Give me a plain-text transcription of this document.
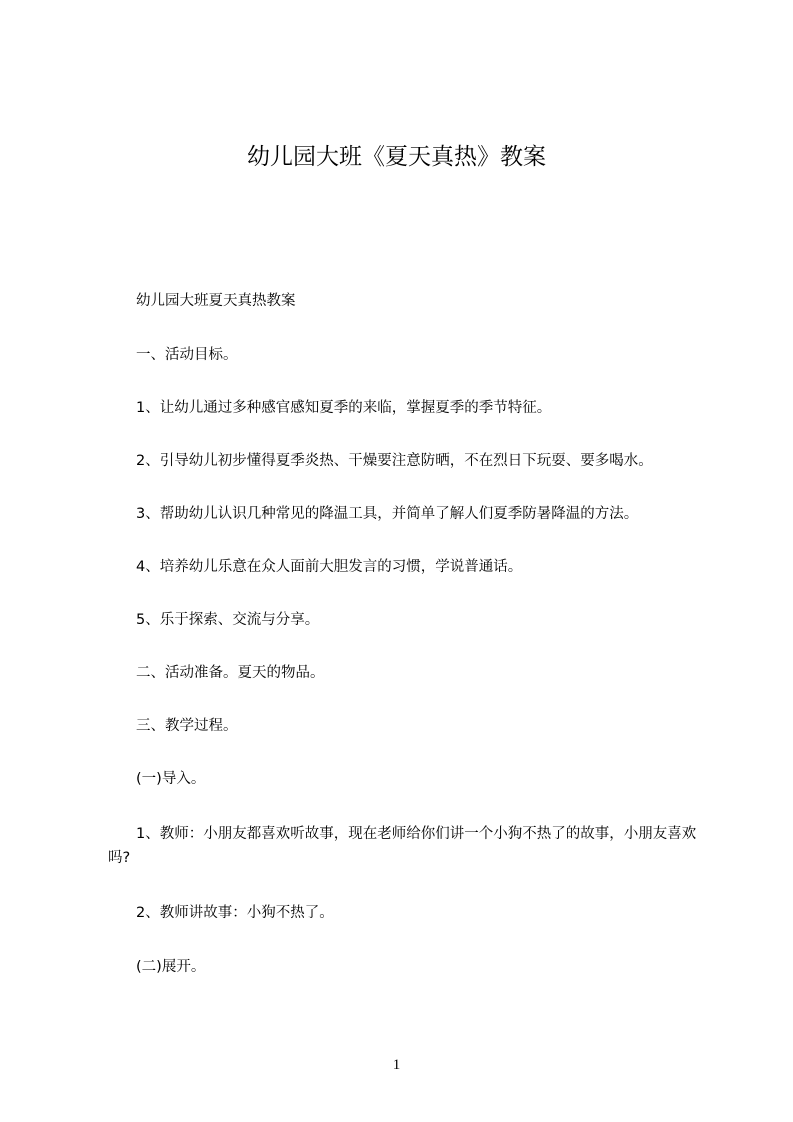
幼儿园大班《夏天真热》教案
幼儿园大班夏天真热教案
一、活动目标。
1、让幼儿通过多种感官感知夏季的来临，掌握夏季的季节特征。
2、引导幼儿初步懂得夏季炎热、干燥要注意防晒，不在烈日下玩耍、要多喝水。
3、帮助幼儿认识几种常见的降温工具，并简单了解人们夏季防暑降温的方法。
4、培养幼儿乐意在众人面前大胆发言的习惯，学说普通话。
5、乐于探索、交流与分享。
二、活动准备。夏天的物品。
三、教学过程。
(一)导入。
1、教师：小朋友都喜欢听故事，现在老师给你们讲一个小狗不热了的故事，小朋友喜欢吗?
2、教师讲故事：小狗不热了。
(二)展开。
1
